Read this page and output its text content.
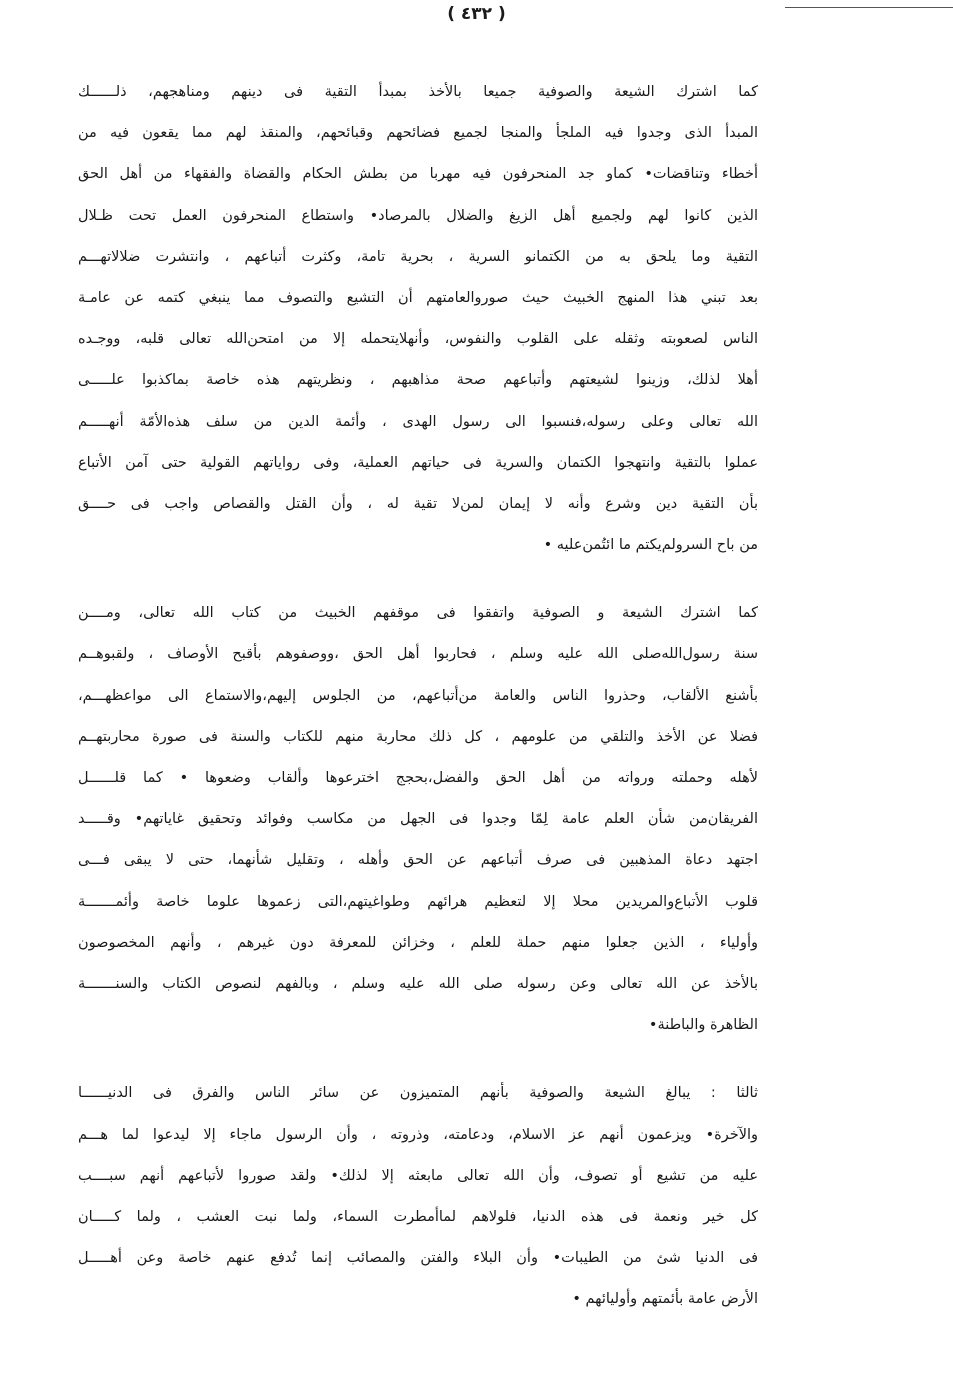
( ٤٣٢ )
كما اشترك الشيعة والصوفية جميعا بالأخذ بمبدأ التقية فى دينهم ومناهجهم، ذلــــــك
المبدأ الذى وجدوا فيه الملجأ والمنجا لجميع فضائحهم وقبائحهم، والمنقذ لهم مما يقعون فيه من
أخطاء وتناقضات• كماو جد المنحرفون فيه مهربا من بطش الحكام والقضاة والفقهاء من أهل الحق
الذين كانوا لهم ولجميع أهل الزيغ والضلال بالمرصاد• واستطاع المنحرفون العمل تحت ظـلال
التقية وما يلحق به من الكتمانو السرية ، بحرية تامة، وكثرت أتباعهم ، وانتشرت ضلالاتهـــم
بعد تبني هذا المنهج الخبيث حيث صوروالعامتهم أن التشيع والتصوف مما ينبغي كتمه عن عامـة
الناس لصعوبته وثقله على القلوب والنفوس، وأنهلايتحمله إلا من امتحن‌الله تعالى قلبه، ووجـده
أهلا لذلك، وزينوا لشيعتهم وأتباعهم صحة مذاهبهم ، ونظريتهم هذه خاصة بماكذبوا علـــــى
الله تعالى وعلى رسوله،فنسبوا الى رسول الهدى ، وأئمة الدين من سلف هذه‌الأمّة أنهـــــم
عملوا بالتقية وانتهجوا الكتمان والسرية فى حياتهم العملية، وفى رواياتهم القولية حتى آمن الأتباع
بأن التقية دين وشرع وأنه لا إيمان لمن‌لا تقية له ، وأن القتل والقصاص واجب فى حــــق
من باح السرولم‌يكتم ما ائتُمن‌عليه •
كما اشترك الشيعة و الصوفية واتفقوا فى موقفهم الخبيث من كتاب الله تعالى، ومــــن
سنة رسول‌الله‌صلى الله عليه وسلم ، فحاربوا أهل الحق ،ووصفوهم بأقبح الأوصاف ، ولقبوهــم
بأشنع الألقاب، وحذروا الناس والعامة من‌أتباعهم، من الجلوس إليهم،والاستماع الى مواعظهـــم،
فضلا عن الأخذ والتلقي من علومهم ، كل ذلك محاربة منهم للكتاب والسنة فى صورة محاربتهــم
لأهله وحملته ورواته من أهل الحق والفضل،بحجج اخترعوها وألقاب وضعوها • كما قلــــــل
الفريقان‌من شأن العلم عامة لِمّا وجدوا فى الجهل من مكاسب وفوائد وتحقيق غاياتهم• وقـــــد
اجتهد دعاة المذهبين فى صرف أتباعهم عن الحق وأهله ، وتقليل شأنهما، حتى لا يبقى فـــى
قلوب الأتباع‌والمريدين محلا إلا لتعظيم هرائهم وطواغيتهم،التى زعموها علوما خاصة وأئمـــــــة
وأولياء ، الذين جعلوا منهم حملة للعلم ، وخزائن للمعرفة دون غيرهم ، وأنهم المخصوصون
بالأخذ عن الله تعالى وعن رسوله صلى الله عليه وسلم ، وبالفهم لنصوص الكتاب والسنـــــــة
الظاهرة والباطنة•
ثالثا : يبالغ الشيعة والصوفية بأنهم المتميزون عن سائر الناس والفرق فى الدنيــــــا
والآخرة• ويزعمون أنهم عز الاسلام، ودعامته، وذروته ، وأن الرسول ماجاء إلا ليدعوا لما هـــم
عليه من تشيع أو تصوف، وأن الله تعالى مابعثه إلا لذلك• ولقد صوروا لأتباعهم أنهم سبــــب
كل خير ونعمة فى هذه الدنيا، فلولاهم لماأمطرت السماء، ولما نبت العشب ، ولما كـــــان
فى الدنيا شئ من الطيبات• وأن البلاء والفتن والمصائب إنما تُدفع عنهم خاصة وعن أهـــــل
الأرض عامة بأئمتهم وأوليائهم •
